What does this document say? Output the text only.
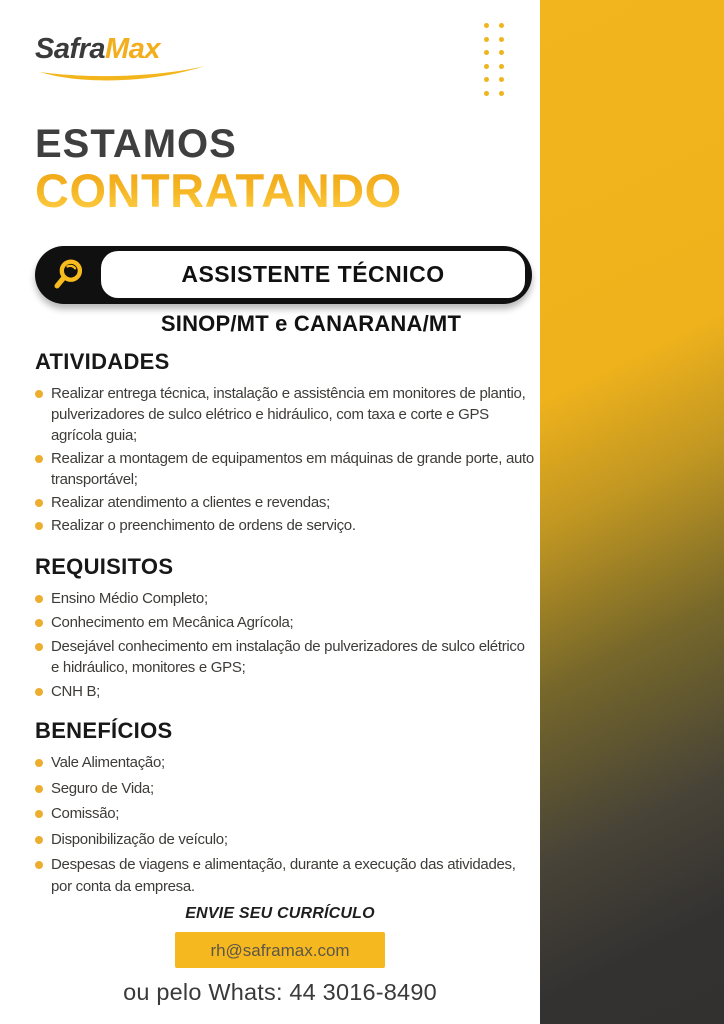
SafraMax
ESTAMOS
CONTRATANDO
ASSISTENTE TÉCNICO
SINOP/MT e CANARANA/MT
ATIVIDADES
Realizar entrega técnica, instalação e assistência em monitores de plantio, pulverizadores de sulco elétrico e hidráulico, com taxa e corte e GPS agrícola guia;
Realizar a montagem de equipamentos em máquinas de grande porte, auto transportável;
Realizar atendimento a clientes e revendas;
Realizar o preenchimento de ordens de serviço.
REQUISITOS
Ensino Médio Completo;
Conhecimento em Mecânica Agrícola;
Desejável conhecimento em instalação de pulverizadores de sulco elétrico e hidráulico, monitores e GPS;
CNH B;
BENEFÍCIOS
Vale Alimentação;
Seguro de Vida;
Comissão;
Disponibilização de veículo;
Despesas de viagens e alimentação, durante a execução das atividades, por conta da empresa.
ENVIE SEU CURRÍCULO
rh@saframax.com
ou pelo Whats: 44 3016-8490
